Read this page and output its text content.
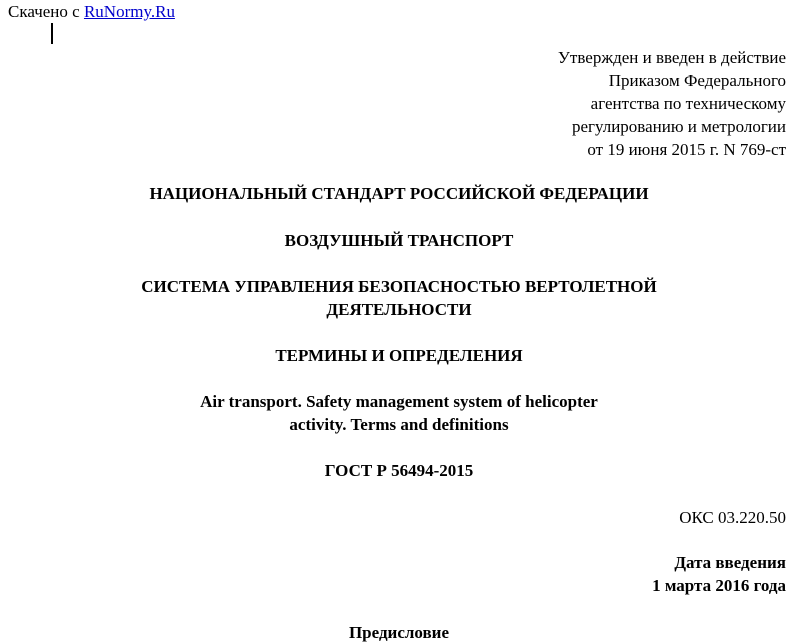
Скачено с RuNormy.Ru
Утвержден и введен в действие
Приказом Федерального
агентства по техническому
регулированию и метрологии
от 19 июня 2015 г. N 769-ст
НАЦИОНАЛЬНЫЙ СТАНДАРТ РОССИЙСКОЙ ФЕДЕРАЦИИ
ВОЗДУШНЫЙ ТРАНСПОРТ
СИСТЕМА УПРАВЛЕНИЯ БЕЗОПАСНОСТЬЮ ВЕРТОЛЕТНОЙ
ДЕЯТЕЛЬНОСТИ
ТЕРМИНЫ И ОПРЕДЕЛЕНИЯ
Air transport. Safety management system of helicopter
activity. Terms and definitions
ГОСТ Р 56494-2015
ОКС 03.220.50
Дата введения
1 марта 2016 года
Предисловие
